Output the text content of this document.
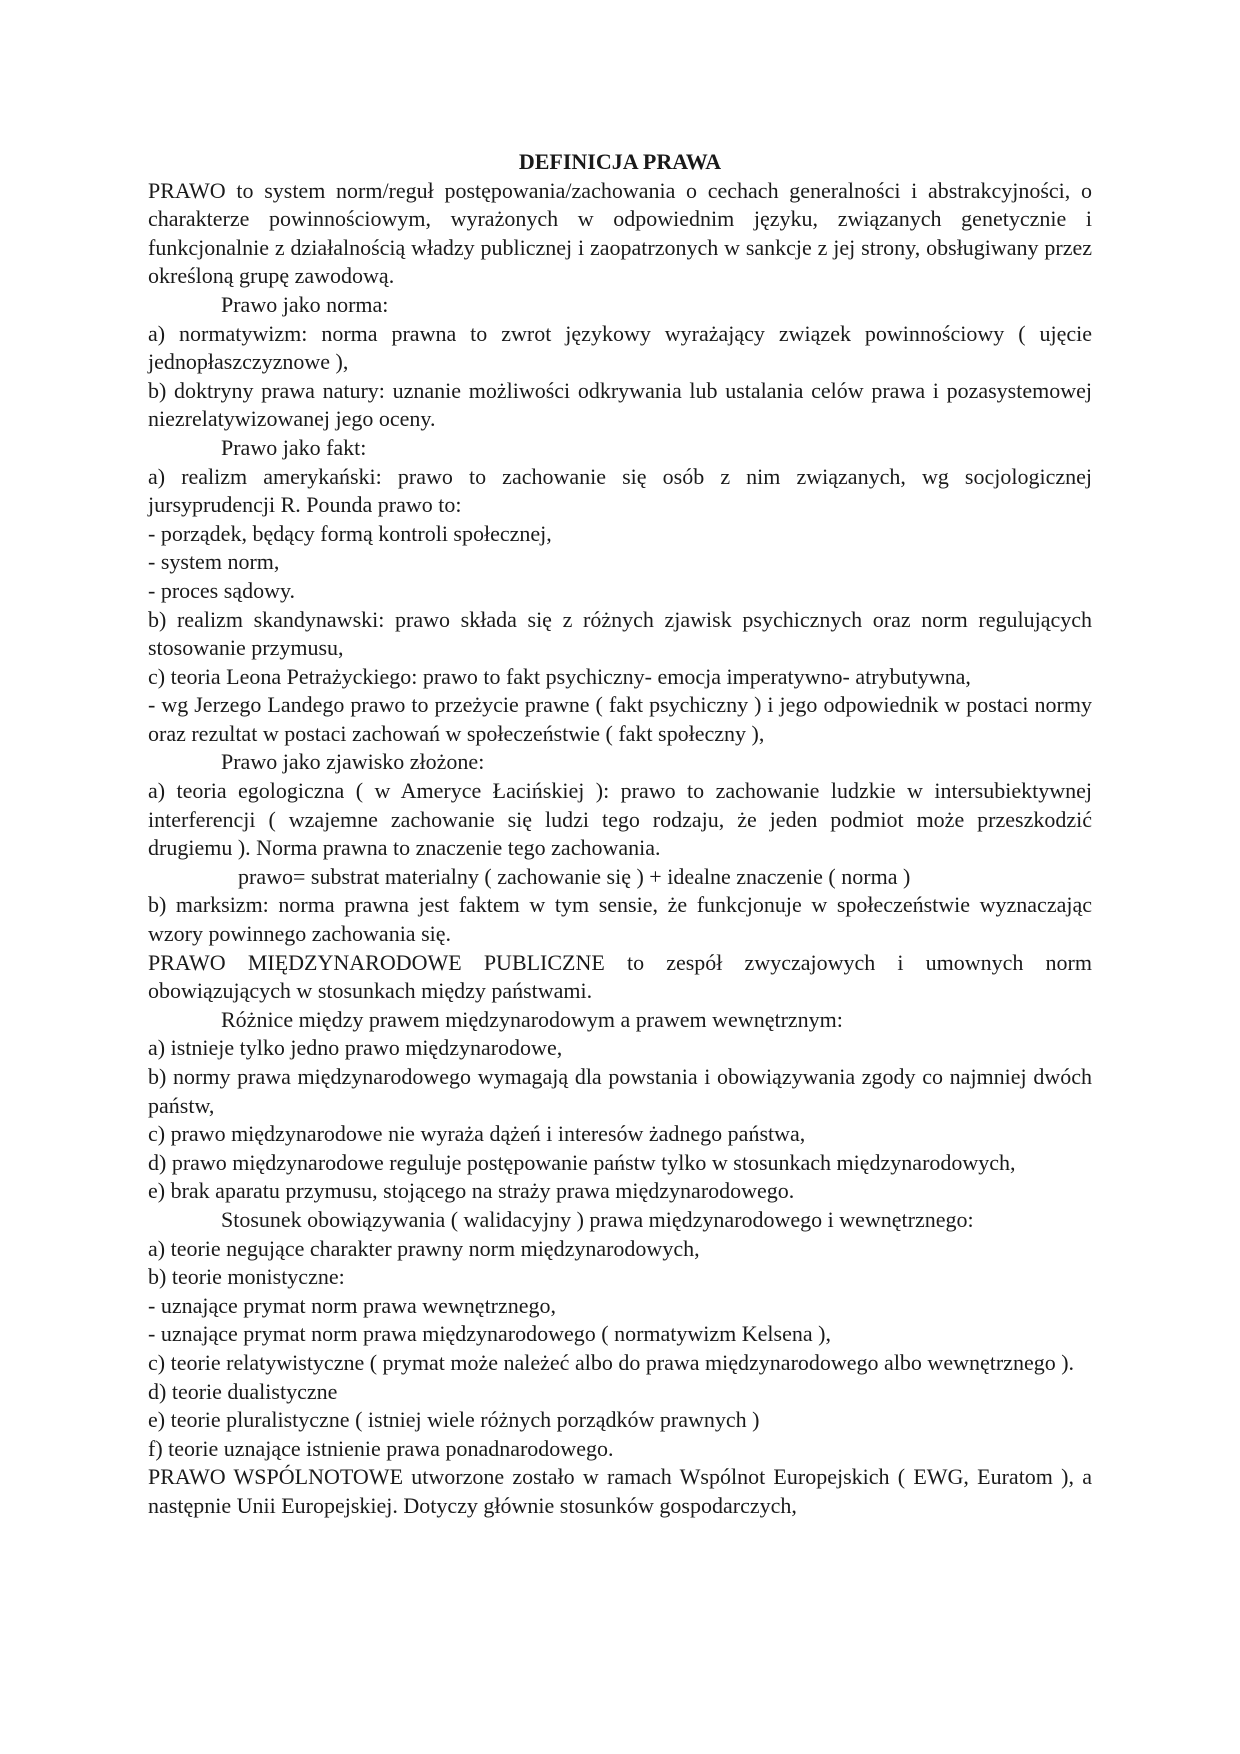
DEFINICJA PRAWA

PRAWO to system norm/reguł postępowania/zachowania o cechach generalności i abstrakcyjności, o charakterze powinnościowym, wyrażonych w odpowiednim języku, związanych genetycznie i funkcjonalnie z działalnością władzy publicznej i zaopatrzonych w sankcje z jej strony, obsługiwany przez określoną grupę zawodową.

Prawo jako norma:

a) normatywizm: norma prawna to zwrot językowy wyrażający związek powinnościowy ( ujęcie jednopłaszczyznowe ),

b) doktryny prawa natury: uznanie możliwości odkrywania lub ustalania celów prawa i pozasystemowej niezrelatywizowanej jego oceny.

Prawo jako fakt:

a) realizm amerykański: prawo to zachowanie się osób z nim związanych, wg socjologicznej jursyprudencji R. Pounda prawo to:

- porządek, będący formą kontroli społecznej,

- system norm,

- proces sądowy.

b) realizm skandynawski: prawo składa się z różnych zjawisk psychicznych oraz norm regulujących stosowanie przymusu,

c) teoria Leona Petrażyckiego: prawo to fakt psychiczny- emocja imperatywno- atrybutywna,

- wg Jerzego Landego prawo to przeżycie prawne ( fakt psychiczny ) i jego odpowiednik w postaci normy oraz rezultat w postaci zachowań w społeczeństwie ( fakt społeczny ),

Prawo jako zjawisko złożone:

a) teoria egologiczna ( w Ameryce Łacińskiej ): prawo to zachowanie ludzkie w intersubiektywnej interferencji ( wzajemne zachowanie się ludzi tego rodzaju, że jeden podmiot może przeszkodzić drugiemu ). Norma prawna to znaczenie tego zachowania.

prawo= substrat materialny ( zachowanie się ) + idealne znaczenie ( norma )

b) marksizm: norma prawna jest faktem w tym sensie, że funkcjonuje w społeczeństwie wyznaczając wzory powinnego zachowania się.

PRAWO MIĘDZYNARODOWE PUBLICZNE to zespół zwyczajowych i umownych norm obowiązujących w stosunkach między państwami.

Różnice między prawem międzynarodowym a prawem wewnętrznym:

a) istnieje tylko jedno prawo międzynarodowe,

b) normy prawa międzynarodowego wymagają dla powstania i obowiązywania zgody co najmniej dwóch państw,

c) prawo międzynarodowe nie wyraża dążeń i interesów żadnego państwa,

d) prawo międzynarodowe reguluje postępowanie państw tylko w stosunkach międzynarodowych,

e) brak aparatu przymusu, stojącego na straży prawa międzynarodowego.

Stosunek obowiązywania ( walidacyjny ) prawa międzynarodowego i wewnętrznego:

a) teorie negujące charakter prawny norm międzynarodowych,

b) teorie monistyczne:

- uznające prymat norm prawa wewnętrznego,

- uznające prymat norm prawa międzynarodowego ( normatywizm Kelsena ),

c) teorie relatywistyczne ( prymat może należeć albo do prawa międzynarodowego albo wewnętrznego ).

d) teorie dualistyczne

e) teorie pluralistyczne ( istniej wiele różnych porządków prawnych )

f) teorie uznające istnienie prawa ponadnarodowego.

PRAWO WSPÓLNOTOWE utworzone zostało w ramach Wspólnot Europejskich ( EWG, Euratom ), a następnie Unii Europejskiej. Dotyczy głównie stosunków gospodarczych,
